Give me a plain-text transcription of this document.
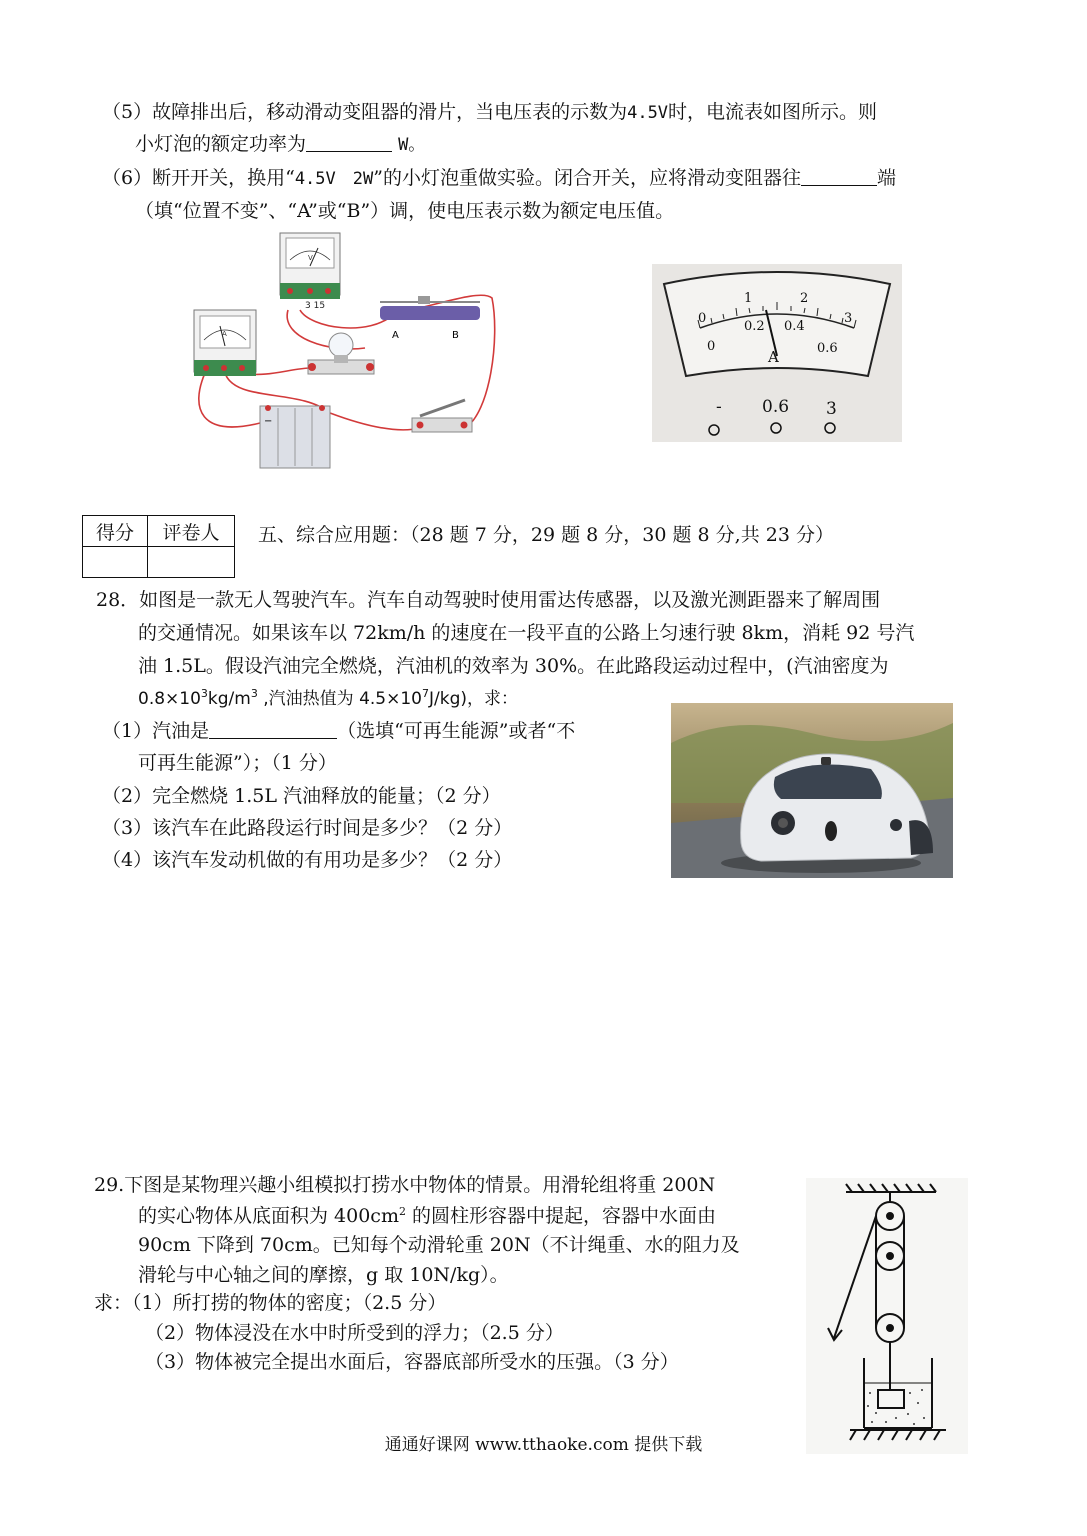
（5）故障排出后，移动滑动变阻器的滑片，当电压表的示数为4.5V时，电流表如图所示。则
小灯泡的额定功率为	W。
（6）断开开关，换用“4.5V　2W”的小灯泡重做实验。闭合开关，应将滑动变阻器往	端
（填“位置不变”、“A”或“B”）调，使电压表示数为额定电压值。
V
3 15
A	A	B
−
0
1	2
3
0
0.2 0.4
0.6
A
- 0.6 3
得分	评卷人
	五、综合应用题：（28 题 7 分，29 题 8 分，30 题 8 分,共 23 分）
28．如图是一款无人驾驶汽车。汽车自动驾驶时使用雷达传感器，以及激光测距器来了解周围
的交通情况。如果该车以 72km/h 的速度在一段平直的公路上匀速行驶 8km，消耗 92 号汽
油 1.5L。假设汽油完全燃烧，汽油机的效率为 30%。在此路段运动过程中，(汽油密度为
$0.8\times 10^3kg/m^3$ ,汽油热值为 $4.5\times 10^7J/kg$)，求：
（1）汽油是	（选填“可再生能源”或者“不
可再生能源”）；（1 分）
（2）完全燃烧 1.5L 汽油释放的能量；（2 分）
（3）该汽车在此路段运行时间是多少？（2 分）
（4）该汽车发动机做的有用功是多少？（2 分）
29.下图是某物理兴趣小组模拟打捞水中物体的情景。用滑轮组将重 200N
的实心物体从底面积为 $400cm^2$ 的圆柱形容器中提起，容器中水面由
90cm 下降到 70cm。已知每个动滑轮重 20N（不计绳重、水的阻力及
滑轮与中心轴之间的摩擦，g 取 10N/kg）。
求：（1）所打捞的物体的密度；（2.5 分）
（2）物体浸没在水中时所受到的浮力；（2.5 分）
（3）物体被完全提出水面后，容器底部所受水的压强。（3 分）
通通好课网 www.tthaoke.com 提供下载
